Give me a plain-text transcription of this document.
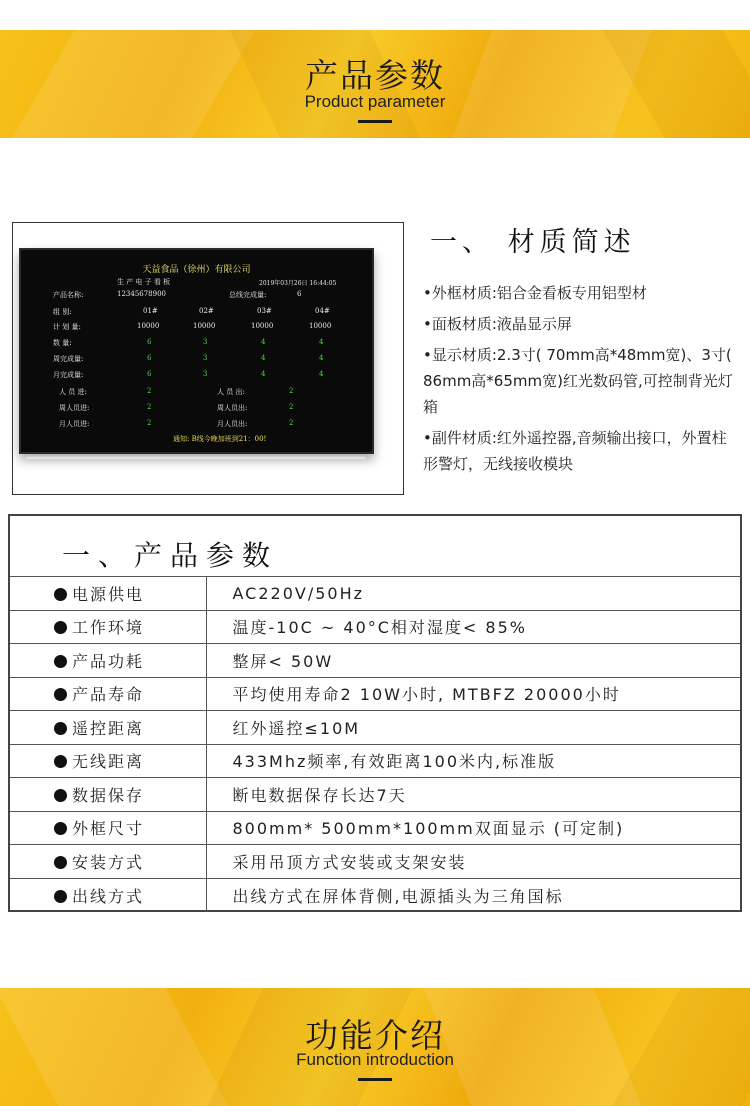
产品参数
Product parameter
天益食品（徐州）有限公司
生 产 电 子 看 板	2019年03月26日 16:44:05
产品名称:	12345678900	总线完成量:	6
组 别:	01#	02#	03#	04#
计 划 量:	10000	10000	10000	10000
数 量:	6	3	4	4
周完成量:	6	3	4	4
月完成量:	6	3	4	4
人 员 进:	2	人 员 出:	2
周人员进:	2	周人员出:	2
月人员进:	2	月人员出:	2
通知: B线今晚加班到21：00!
一、 材质简述
•外框材质:铝合金看板专用铝型材
•面板材质:液晶显示屏
•显示材质:2.3寸( 70mm高*48mm宽)、3寸( 86mm高*65mm宽)红光数码管,可控制背光灯箱
•副件材质:红外遥控器,音频输出接口，外置柱形警灯，无线接收模块
一、产品参数
电源供电	AC220V/50Hz
工作环境	温度-10C ~ 40°C相对湿度< 85%
产品功耗	整屏< 50W
产品寿命	平均使用寿命2 10W小时, MTBFZ 20000小时
遥控距离	红外遥控≤10M
无线距离	433Mhz频率,有效距离100米内,标准版
数据保存	断电数据保存长达7天
外框尺寸	800mm* 500mm*100mm双面显示 (可定制)
安装方式	采用吊顶方式安装或支架安装
出线方式	出线方式在屏体背侧,电源插头为三角国标
功能介绍
Function introduction
